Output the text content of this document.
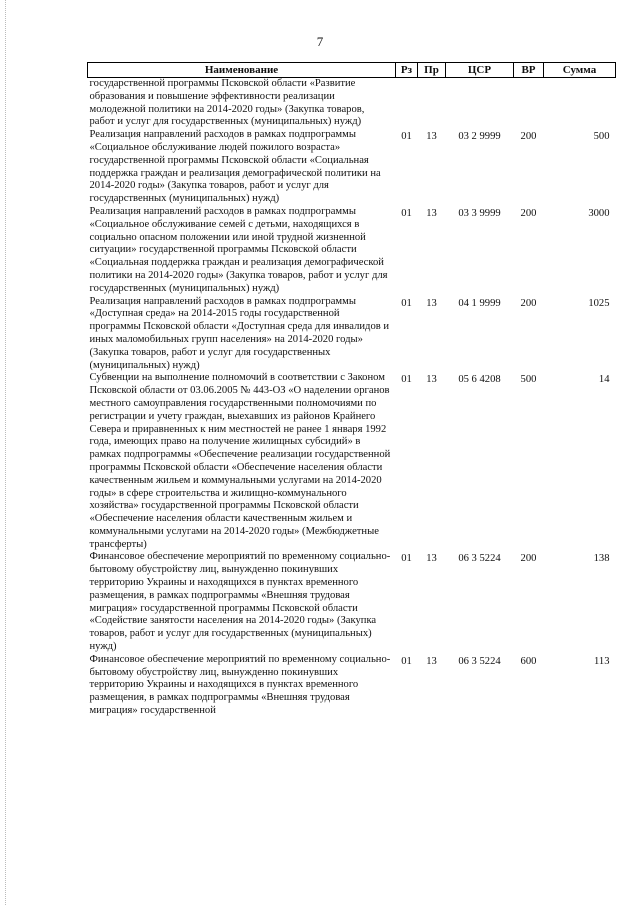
7
Наименование	Рз	Пр	ЦСР	ВР	Сумма
государственной программы Псковской области «Развитие образования и повышение эффективности реализации молодежной политики на 2014-2020 годы» (Закупка товаров, работ и услуг для государственных (муниципальных) нужд)					
Реализация направлений расходов в рамках подпрограммы «Социальное обслуживание людей пожилого возраста» государственной программы Псковской области «Социальная поддержка граждан и реализация демографической политики на 2014-2020 годы» (Закупка товаров, работ и услуг для государственных (муниципальных) нужд)	01	13	03 2 9999	200	500
Реализация направлений расходов в рамках подпрограммы «Социальное обслуживание семей с детьми, находящихся в социально опасном положении или иной трудной жизненной ситуации» государственной программы Псковской области «Социальная поддержка граждан и реализация демографической политики на 2014-2020 годы» (Закупка товаров, работ и услуг для государственных (муниципальных) нужд)	01	13	03 3 9999	200	3000
Реализация направлений расходов в рамках подпрограммы «Доступная среда» на 2014-2015 годы государственной программы Псковской области «Доступная среда для инвалидов и иных маломобильных групп населения» на 2014-2020 годы» (Закупка товаров, работ и услуг для государственных (муниципальных) нужд)	01	13	04 1 9999	200	1025
Субвенции на выполнение полномочий в соответствии с Законом Псковской области от 03.06.2005 № 443-ОЗ «О наделении органов местного самоуправления государственными полномочиями по регистрации и учету граждан, выехавших из районов Крайнего Севера и приравненных к ним местностей не ранее 1 января 1992 года, имеющих право на получение жилищных субсидий» в рамках подпрограммы «Обеспечение реализации государственной программы Псковской области «Обеспечение населения области качественным жильем и коммунальными услугами на 2014-2020 годы» в сфере строительства и жилищно-коммунального хозяйства» государственной программы Псковской области «Обеспечение населения области качественным жильем и коммунальными услугами на 2014-2020 годы» (Межбюджетные трансферты)	01	13	05 6 4208	500	14
Финансовое обеспечение мероприятий по временному социально-бытовому обустройству лиц, вынужденно покинувших территорию Украины и находящихся в пунктах временного размещения, в рамках подпрограммы «Внешняя трудовая миграция» государственной программы Псковской области «Содействие занятости населения на 2014-2020 годы» (Закупка товаров, работ и услуг для государственных (муниципальных) нужд)	01	13	06 3 5224	200	138
Финансовое обеспечение мероприятий по временному социально-бытовому обустройству лиц, вынужденно покинувших территорию Украины и находящихся в пунктах временного размещения, в рамках подпрограммы «Внешняя трудовая миграция» государственной	01	13	06 3 5224	600	113
